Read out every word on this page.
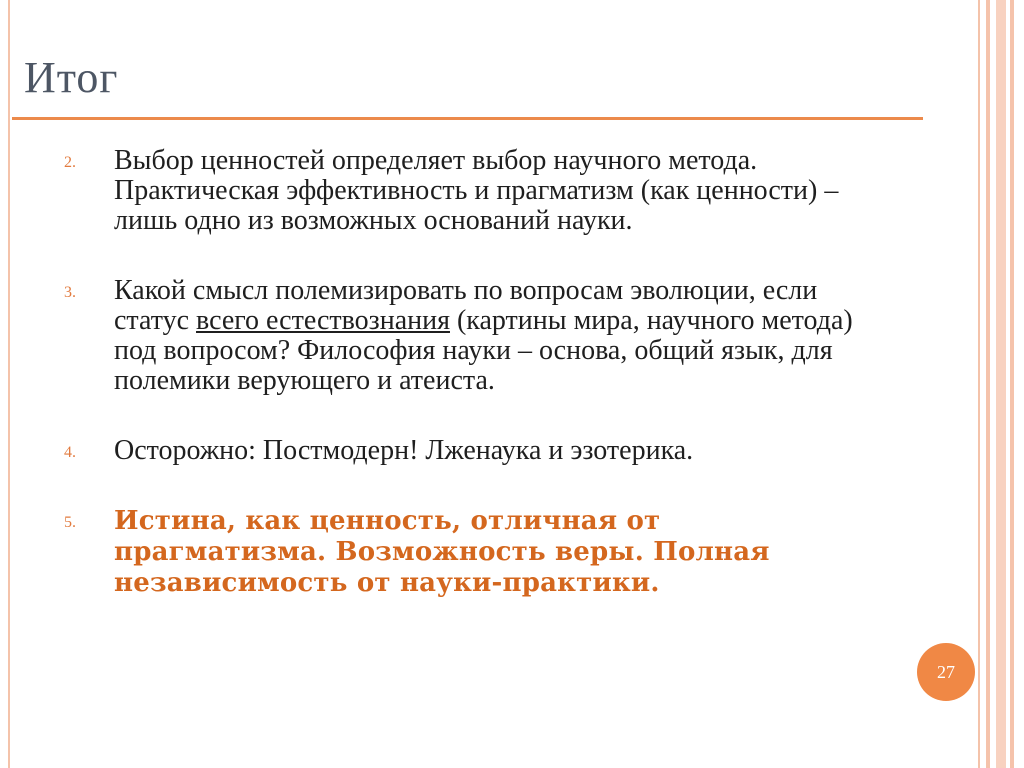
Итог
2. Выбор ценностей определяет выбор научного метода. Практическая эффективность и прагматизм (как ценности) – лишь одно из возможных оснований науки.
3. Какой смысл полемизировать по вопросам эволюции, если статус всего естествознания (картины мира, научного метода) под вопросом? Философия науки – основа, общий язык, для полемики верующего и атеиста.
4. Осторожно: Постмодерн! Лженаука и эзотерика.
5. Истина, как ценность, отличная от прагматизма. Возможность веры. Полная независимость от науки-практики.
27
